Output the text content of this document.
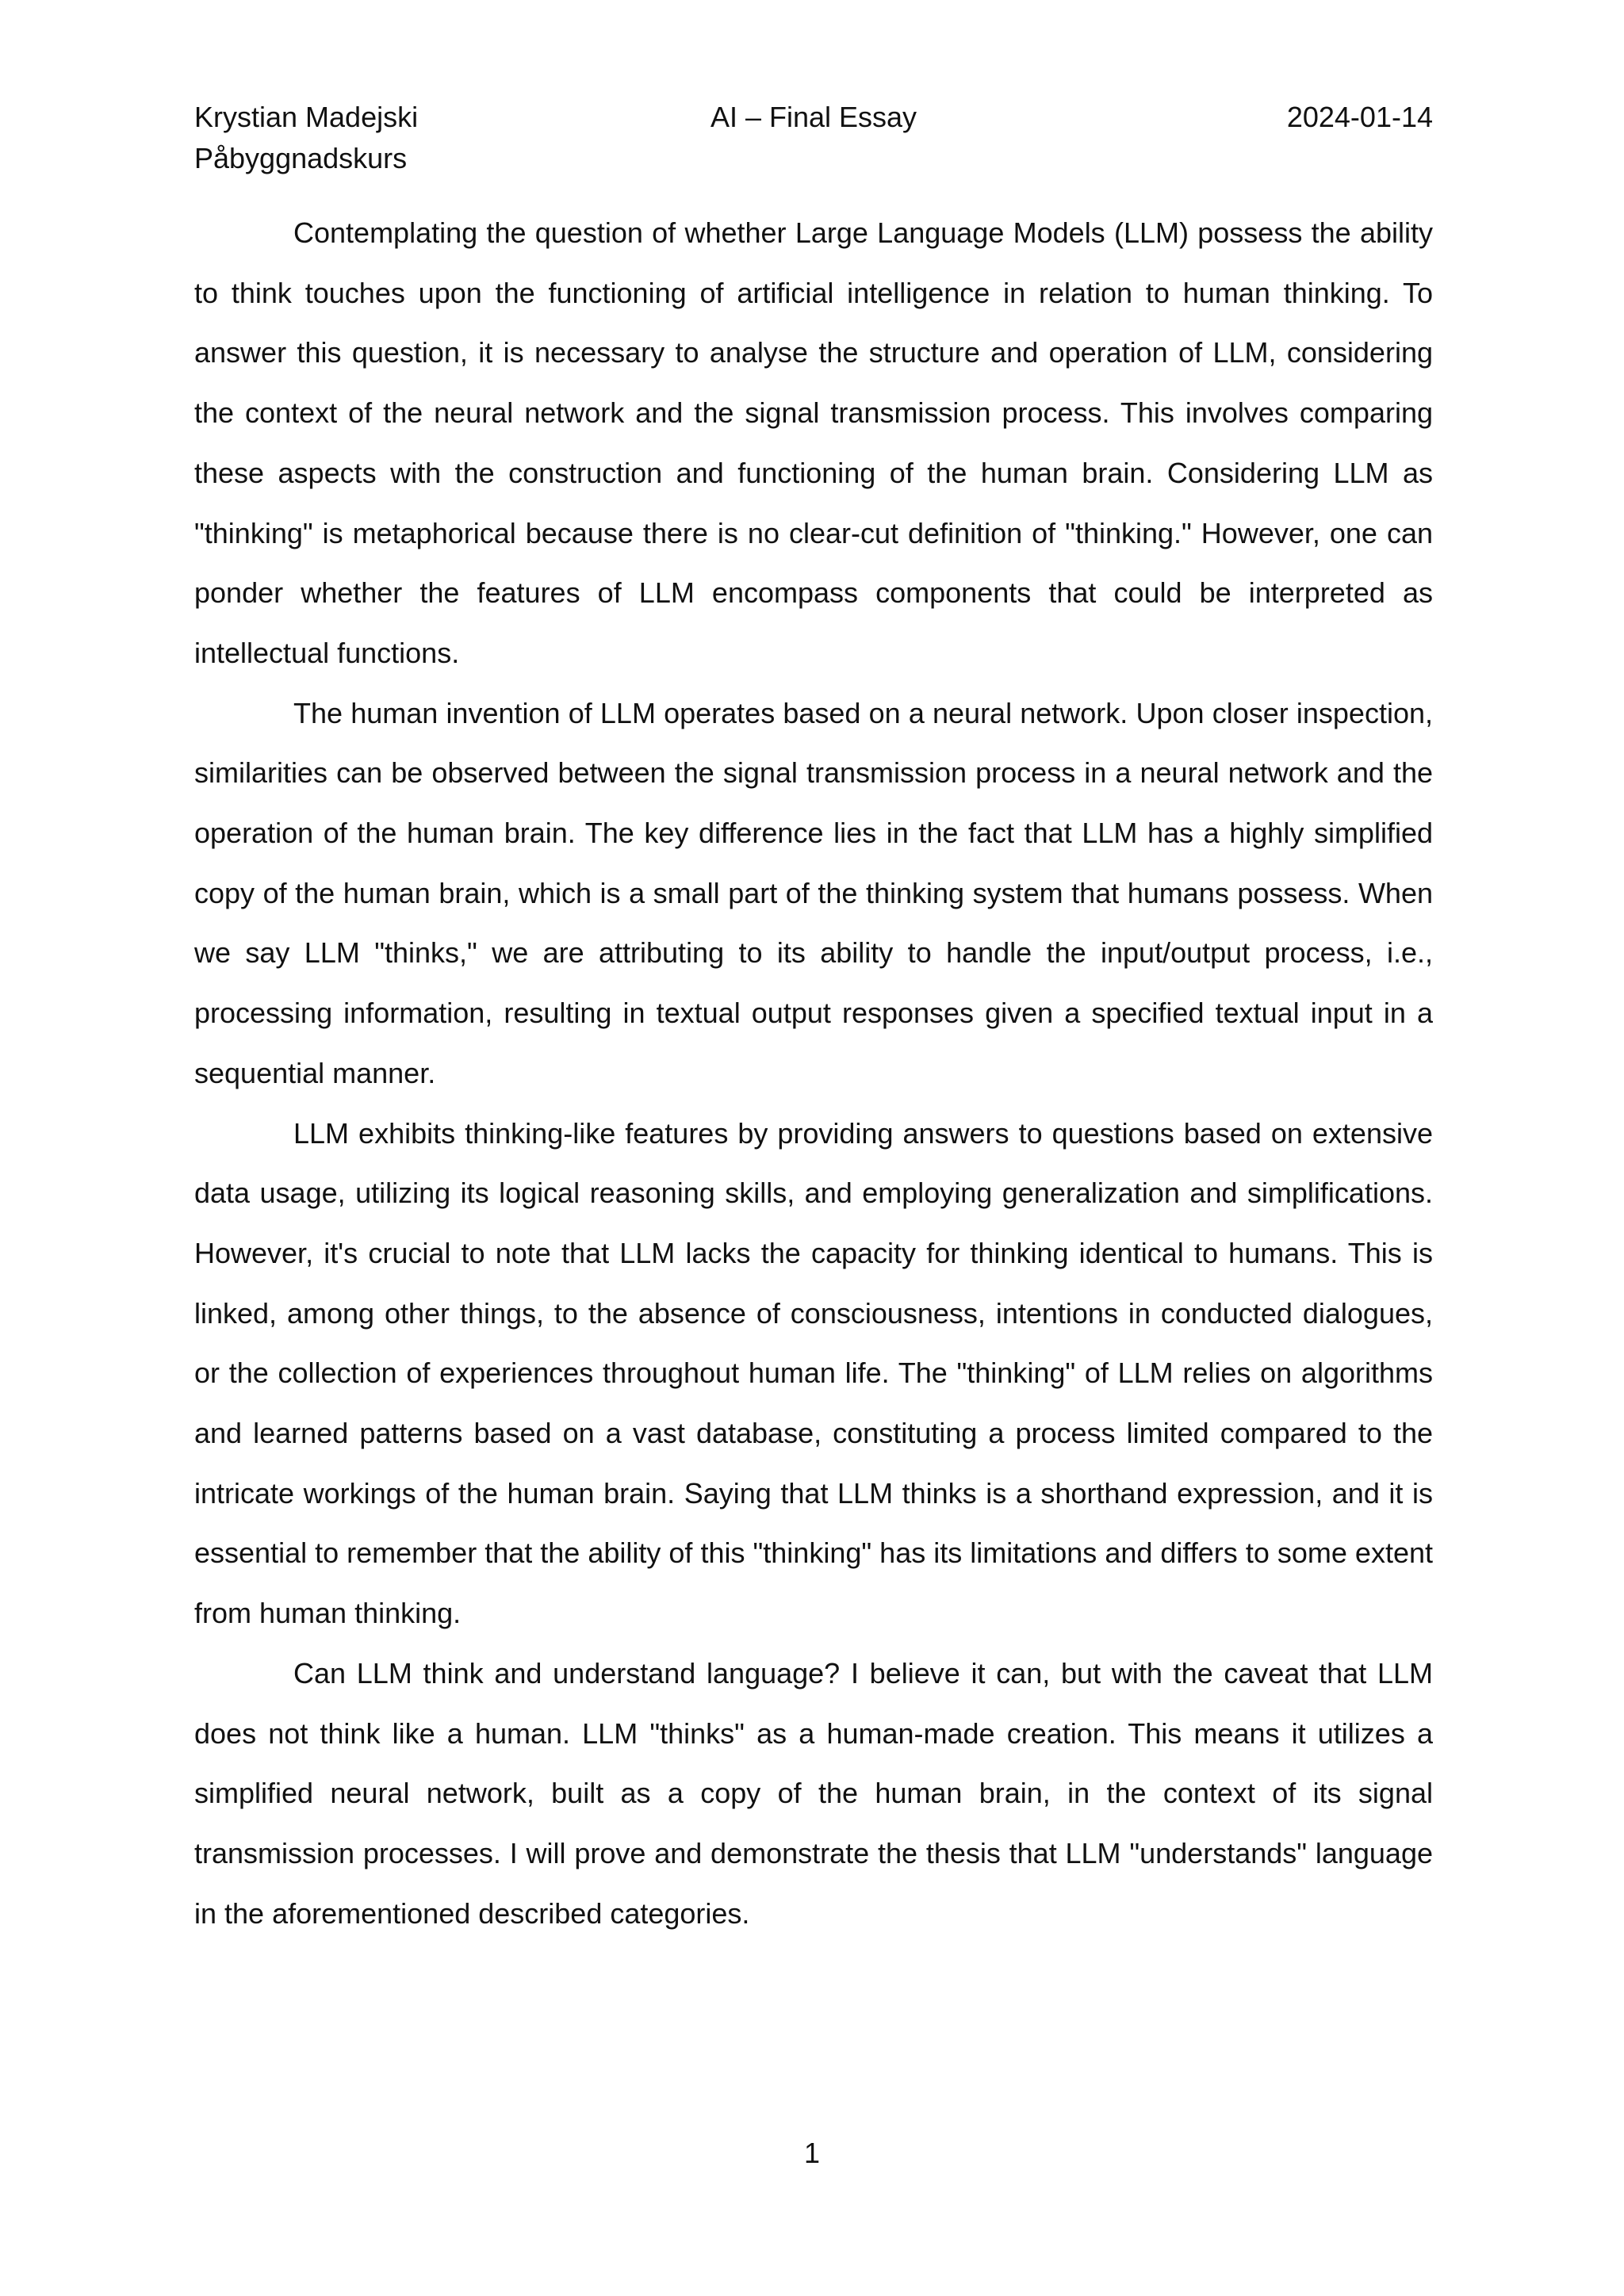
Krystian Madejski	AI – Final Essay	2024-01-14
Påbyggnadskurs

Contemplating the question of whether Large Language Models (LLM) possess the ability to think touches upon the functioning of artificial intelligence in relation to human thinking. To answer this question, it is necessary to analyse the structure and operation of LLM, considering the context of the neural network and the signal transmission process. This involves comparing these aspects with the construction and functioning of the human brain. Considering LLM as "thinking" is metaphorical because there is no clear-cut definition of "thinking." However, one can ponder whether the features of LLM encompass components that could be interpreted as intellectual functions.

The human invention of LLM operates based on a neural network. Upon closer inspection, similarities can be observed between the signal transmission process in a neural network and the operation of the human brain. The key difference lies in the fact that LLM has a highly simplified copy of the human brain, which is a small part of the thinking system that humans possess. When we say LLM "thinks," we are attributing to its ability to handle the input/output process, i.e., processing information, resulting in textual output responses given a specified textual input in a sequential manner.

LLM exhibits thinking-like features by providing answers to questions based on extensive data usage, utilizing its logical reasoning skills, and employing generalization and simplifications. However, it's crucial to note that LLM lacks the capacity for thinking identical to humans. This is linked, among other things, to the absence of consciousness, intentions in conducted dialogues, or the collection of experiences throughout human life. The "thinking" of LLM relies on algorithms and learned patterns based on a vast database, constituting a process limited compared to the intricate workings of the human brain. Saying that LLM thinks is a shorthand expression, and it is essential to remember that the ability of this "thinking" has its limitations and differs to some extent from human thinking.

Can LLM think and understand language? I believe it can, but with the caveat that LLM does not think like a human. LLM "thinks" as a human-made creation. This means it utilizes a simplified neural network, built as a copy of the human brain, in the context of its signal transmission processes. I will prove and demonstrate the thesis that LLM "understands" language in the aforementioned described categories.

1
